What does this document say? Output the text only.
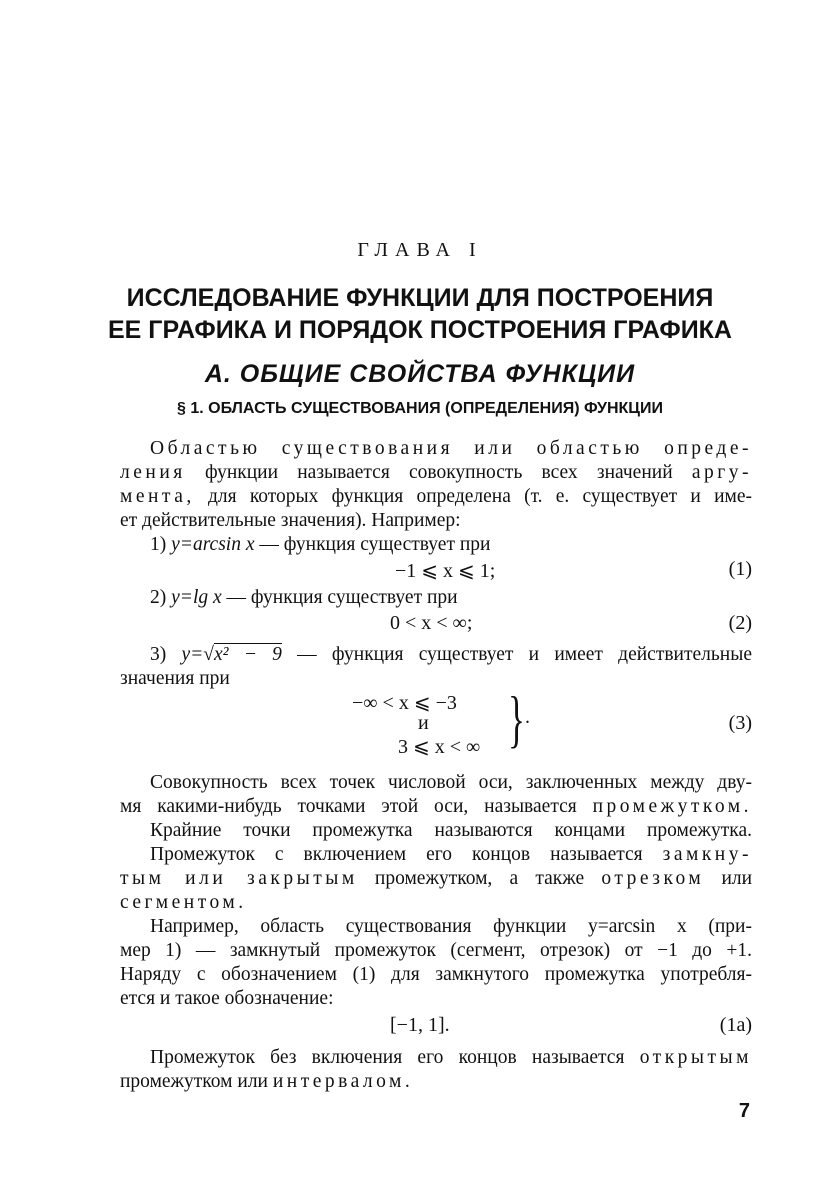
ГЛАВА I
ИССЛЕДОВАНИЕ ФУНКЦИИ ДЛЯ ПОСТРОЕНИЯ
ЕЕ ГРАФИКА И ПОРЯДОК ПОСТРОЕНИЯ ГРАФИКА
А. ОБЩИЕ СВОЙСТВА ФУНКЦИИ
§ 1. ОБЛАСТЬ СУЩЕСТВОВАНИЯ (ОПРЕДЕЛЕНИЯ) ФУНКЦИИ
Областью существования или областью опреде-
ления функции называется совокупность всех значений аргу-
мента, для которых функция определена (т. е. существует и име-
ет действительные значения). Например:
1) y=arcsin x — функция существует при
−1 ⩽ x ⩽ 1;	(1)
2) y=lg x — функция существует при
0 < x < ∞;	(2)
3) y=√x² − 9 — функция существует и имеет действительные
значения при
−∞ < x ⩽ −3
и
3 ⩽ x < ∞ } .	(3)
Совокупность всех точек числовой оси, заключенных между дву-
мя какими-нибудь точками этой оси, называется промежутком.
Крайние точки промежутка называются концами промежутка.
Промежуток с включением его концов называется замкну-
тым или закрытым промежутком, а также отрезком или
сегментом.
Например, область существования функции y=arcsin x (при-
мер 1) — замкнутый промежуток (сегмент, отрезок) от −1 до +1.
Наряду с обозначением (1) для замкнутого промежутка употребля-
ется и такое обозначение:
[−1, 1].	(1а)
Промежуток без включения его концов называется открытым
промежутком или интервалом.
7
